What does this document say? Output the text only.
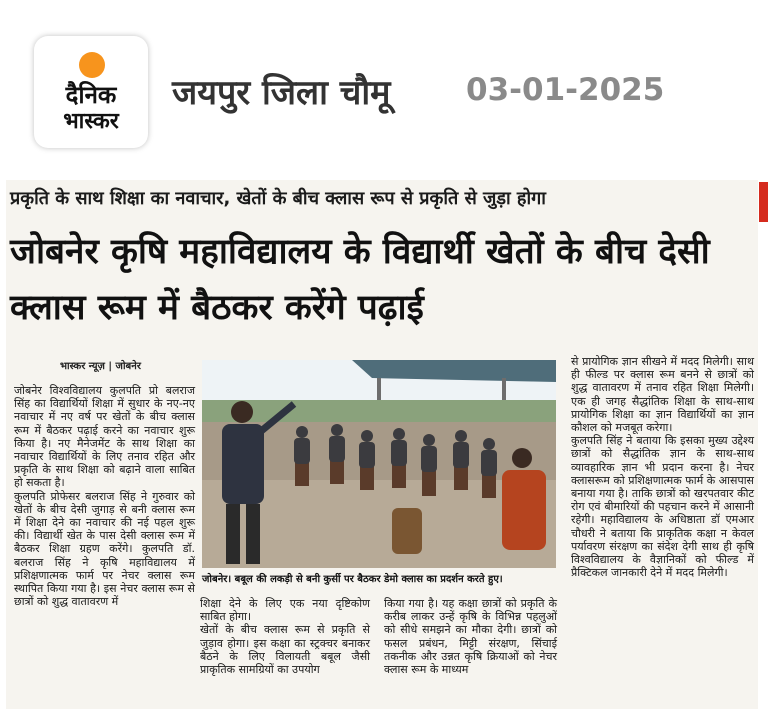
दैनिक
भास्कर
जयपुर जिला चौमू 03-01-2025
प्रकृति के साथ शिक्षा का नवाचार, खेतों के बीच क्लास रूप से प्रकृति से जुड़ा होगा
जोबनेर कृषि महाविद्यालय के विद्यार्थी खेतों के बीच देसी क्लास रूम में बैठकर करेंगे पढ़ाई
भास्कर न्यूज़ | जोबनेर

जोबनेर विश्वविद्यालय कुलपति प्रो बलराज सिंह का विद्यार्थियों शिक्षा में सुधार के नए-नए नवाचार में नए वर्ष पर खेतों के बीच क्लास रूम में बैठकर पढ़ाई करने का नवाचार शुरू किया है। नए मैनेजमेंट के साथ शिक्षा का नवाचार विद्यार्थियों के लिए तनाव रहित और प्रकृति के साथ शिक्षा को बढ़ाने वाला साबित हो सकता है।

कुलपति प्रोफेसर बलराज सिंह ने गुरुवार को खेतों के बीच देसी जुगाड़ से बनी क्लास रूम में शिक्षा देने का नवाचार की नई पहल शुरू की। विद्यार्थी खेत के पास देसी क्लास रूम में बैठकर शिक्षा ग्रहण करेंगे। कुलपति डॉ. बलराज सिंह ने कृषि महाविद्यालय में प्रशिक्षणात्मक फार्म पर नेचर क्लास रूम स्थापित किया गया है। इस नेचर क्लास रूम से छात्रों को शुद्ध वातावरण में

जोबनेर। बबूल की लकड़ी से बनी कुर्सी पर बैठकर डेमो क्लास का प्रदर्शन करते हुए।

शिक्षा देने के लिए एक नया दृष्टिकोण साबित होगा।

खेतों के बीच क्लास रूम से प्रकृति से जुड़ाव होगा। इस कक्षा का स्ट्रक्चर बनाकर बैठने के लिए विलायती बबूल जैसी प्राकृतिक सामग्रियों का उपयोग

किया गया है। यह कक्षा छात्रों को प्रकृति के करीब लाकर उन्हें कृषि के विभिन्न पहलुओं को सीधे समझने का मौका देगी। छात्रों को फसल प्रबंधन, मिट्टी संरक्षण, सिंचाई तकनीक और उन्नत कृषि क्रियाओं को नेचर क्लास रूम के माध्यम

से प्रायोगिक ज्ञान सीखने में मदद मिलेगी। साथ ही फील्ड पर क्लास रूम बनने से छात्रों को शुद्ध वातावरण में तनाव रहित शिक्षा मिलेगी। एक ही जगह सैद्धांतिक शिक्षा के साथ-साथ प्रायोगिक शिक्षा का ज्ञान विद्यार्थियों का ज्ञान कौशल को मजबूत करेगा।

कुलपति सिंह ने बताया कि इसका मुख्य उद्देश्य छात्रों को सैद्धांतिक ज्ञान के साथ-साथ व्यावहारिक ज्ञान भी प्रदान करना है। नेचर क्लासरूम को प्रशिक्षणात्मक फार्म के आसपास बनाया गया है। ताकि छात्रों को खरपतवार कीट रोग एवं बीमारियों की पहचान करने में आसानी रहेगी। महाविद्यालय के अधिष्ठाता डॉ एमआर चौधरी ने बताया कि प्राकृतिक कक्षा न केवल पर्यावरण संरक्षण का संदेश देगी साथ ही कृषि विश्वविद्यालय के वैज्ञानिकों को फील्ड में प्रैक्टिकल जानकारी देने में मदद मिलेगी।
